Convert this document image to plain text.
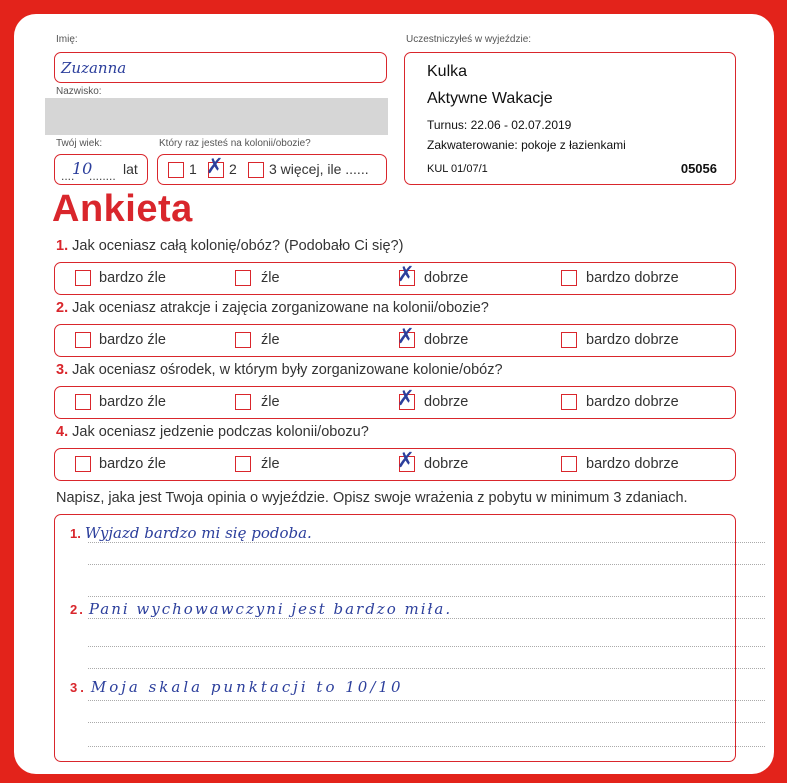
Imię:
Zuzanna
Nazwisko:
Twój wiek:
....
10
........ lat
Który raz jesteś na kolonii/obozie?
1 ✗ 2 3 więcej, ile ......
Uczestniczyłeś w wyjeździe:
Kulka
Aktywne Wakacje
Turnus: 22.06 - 02.07.2019
Zakwaterowanie: pokoje z łazienkami
KUL 01/07/1	05056
Ankieta
1. Jak oceniasz całą kolonię/obóz? (Podobało Ci się?)
bardzo źle	źle	✗ dobrze	bardzo dobrze
2. Jak oceniasz atrakcje i zajęcia zorganizowane na kolonii/obozie?
bardzo źle	źle	✗ dobrze	bardzo dobrze
3. Jak oceniasz ośrodek, w którym były zorganizowane kolonie/obóz?
bardzo źle	źle	✗ dobrze	bardzo dobrze
4. Jak oceniasz jedzenie podczas kolonii/obozu?
bardzo źle	źle	✗ dobrze	bardzo dobrze
Napisz, jaka jest Twoja opinia o wyjeździe. Opisz swoje wrażenia z pobytu w minimum 3 zdaniach.
1. Wyjazd bardzo mi się podoba.
2. Pani wychowawczyni jest bardzo miła.
3. Moja skala punktacji to 10/10
